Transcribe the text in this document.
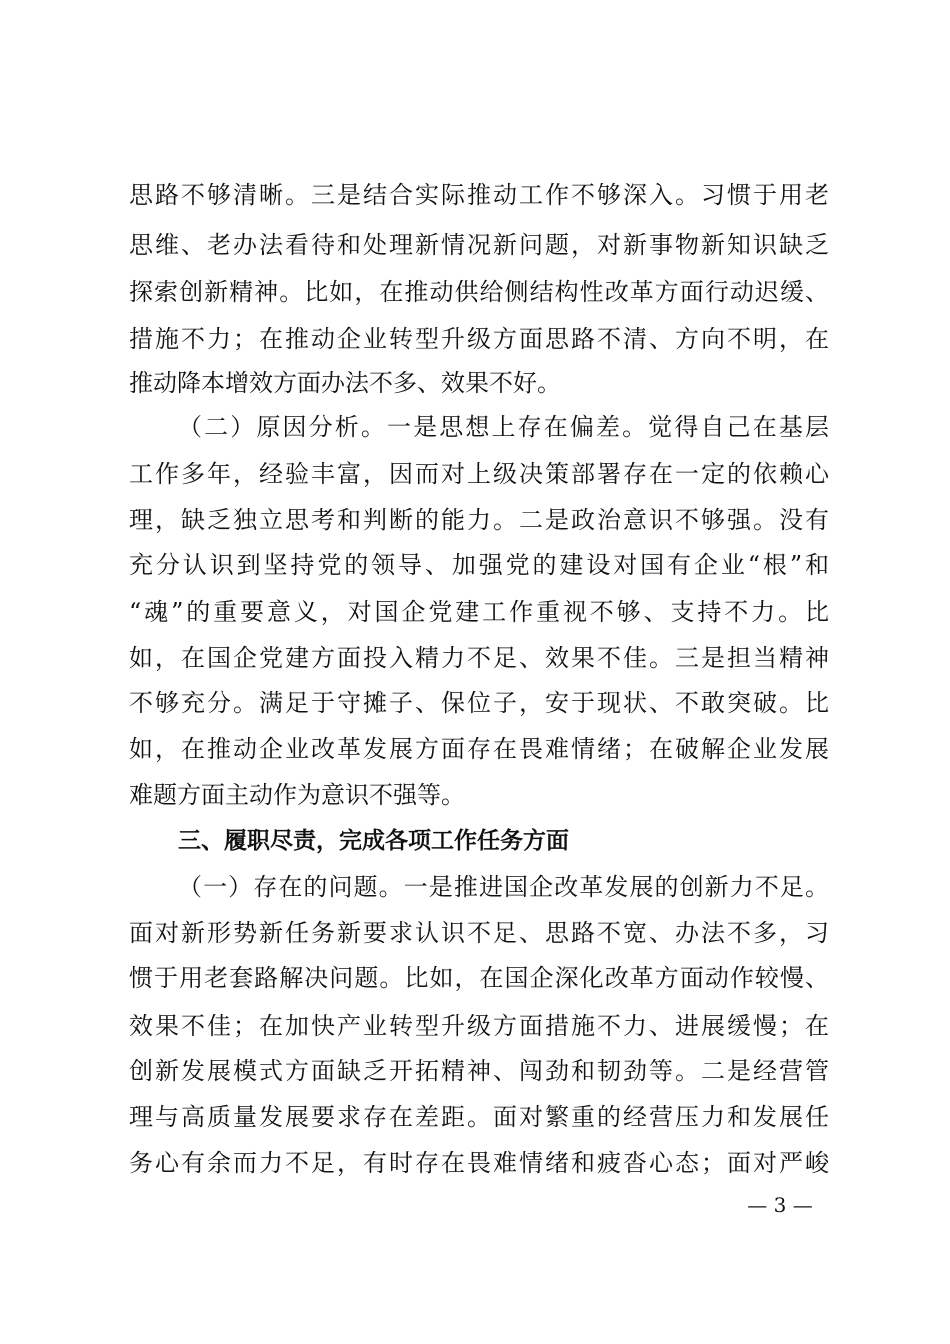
思路不够清晰。三是结合实际推动工作不够深入。习惯于用老
思维、老办法看待和处理新情况新问题，对新事物新知识缺乏
探索创新精神。比如，在推动供给侧结构性改革方面行动迟缓、
措施不力；在推动企业转型升级方面思路不清、方向不明，在
推动降本增效方面办法不多、效果不好。
（二）原因分析。一是思想上存在偏差。觉得自己在基层
工作多年，经验丰富，因而对上级决策部署存在一定的依赖心
理，缺乏独立思考和判断的能力。二是政治意识不够强。没有
充分认识到坚持党的领导、加强党的建设对国有企业“根”和
“魂”的重要意义，对国企党建工作重视不够、支持不力。比
如，在国企党建方面投入精力不足、效果不佳。三是担当精神
不够充分。满足于守摊子、保位子，安于现状、不敢突破。比
如，在推动企业改革发展方面存在畏难情绪；在破解企业发展
难题方面主动作为意识不强等。
三、履职尽责，完成各项工作任务方面
（一）存在的问题。一是推进国企改革发展的创新力不足。
面对新形势新任务新要求认识不足、思路不宽、办法不多，习
惯于用老套路解决问题。比如，在国企深化改革方面动作较慢、
效果不佳；在加快产业转型升级方面措施不力、进展缓慢；在
创新发展模式方面缺乏开拓精神、闯劲和韧劲等。二是经营管
理与高质量发展要求存在差距。面对繁重的经营压力和发展任
务心有余而力不足，有时存在畏难情绪和疲沓心态；面对严峻
— 3 —
